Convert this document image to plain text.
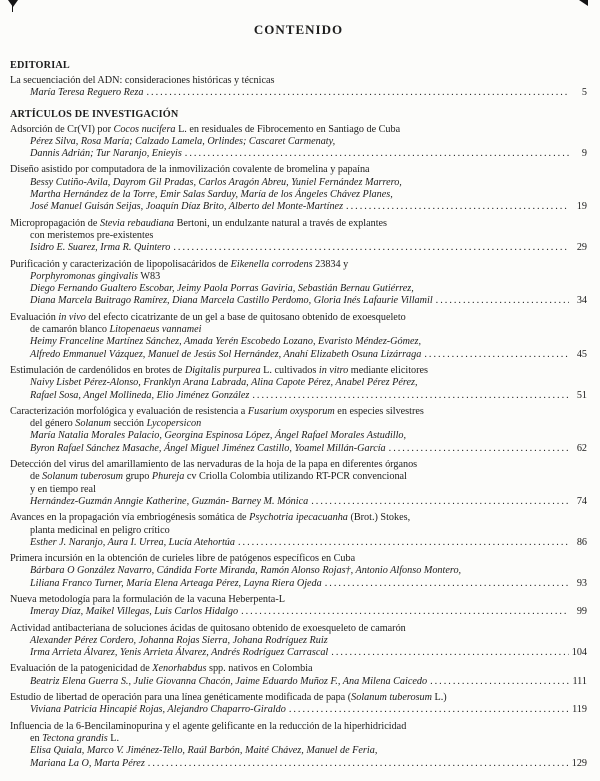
CONTENIDO
EDITORIAL
La secuenciación del ADN: consideraciones históricas y técnicas
María Teresa Reguero Reza .....	5
ARTÍCULOS DE INVESTIGACIÓN
Adsorción de Cr(VI) por Cocos nucifera L. en residuales de Fibrocemento en Santiago de Cuba
Pérez Silva, Rosa María; Calzado Lamela, Orlindes; Cascaret Carmenaty,
Dannis Adrián; Tur Naranjo, Enieyis .....	9
Diseño asistido por computadora de la inmovilización covalente de bromelina y papaína
Bessy Cutiño-Avila, Dayrom Gil Pradas, Carlos Aragón Abreu, Yuniel Fernández Marrero,
Martha Hernández de la Torre, Emir Salas Sarduy, María de los Ángeles Chávez Planes,
José Manuel Guisán Seijas, Joaquín Díaz Brito, Alberto del Monte-Martínez .....	19
Micropropagación de Stevia rebaudiana Bertoni, un endulzante natural a través de explantes
con meristemos pre-existentes
Isidro E. Suarez, Irma R. Quintero .....	29
Purificación y caracterización de lipopolisacáridos de Eikenella corrodens 23834 y
Porphyromonas gingivalis W83
Diego Fernando Gualtero Escobar, Jeimy Paola Porras Gaviria, Sebastián Bernau Gutiérrez,
Diana Marcela Buitrago Ramírez, Diana Marcela Castillo Perdomo, Gloria Inés Lafaurie Villamil .....	34
Evaluación in vivo del efecto cicatrizante de un gel a base de quitosano obtenido de exoesqueleto
de camarón blanco Litopenaeus vannamei
Heimy Franceline Martínez Sánchez, Amada Yerén Escobedo Lozano, Evaristo Méndez-Gómez,
Alfredo Emmanuel Vázquez, Manuel de Jesús Sol Hernández, Anahí Elizabeth Osuna Lizárraga .....	45
Estimulación de cardenólidos en brotes de Digitalis purpurea L. cultivados in vitro mediante elicitores
Naivy Lisbet Pérez-Alonso, Franklyn Arana Labrada, Alina Capote Pérez, Anabel Pérez Pérez,
Rafael Sosa, Angel Mollineda, Elio Jiménez González .....	51
Caracterización morfológica y evaluación de resistencia a Fusarium oxysporum en especies silvestres
del género Solanum sección Lycopersicon
María Natalia Morales Palacio, Georgina Espinosa López, Ángel Rafael Morales Astudillo,
Byron Rafael Sánchez Masache, Ángel Miguel Jiménez Castillo, Yoamel Millán-García .....	62
Detección del virus del amarillamiento de las nervaduras de la hoja de la papa en diferentes órganos
de Solanum tuberosum grupo Phureja cv Criolla Colombia utilizando RT-PCR convencional
y en tiempo real
Hernández-Guzmán Anngie Katherine, Guzmán- Barney M. Mónica .....	74
Avances en la propagación vía embriogénesis somática de Psychotria ipecacuanha (Brot.) Stokes,
planta medicinal en peligro crítico
Esther J. Naranjo, Aura I. Urrea, Lucía Atehortúa .....	86
Primera incursión en la obtención de curieles libre de patógenos específicos en Cuba
Bárbara O González Navarro, Cándida Forte Miranda, Ramón Alonso Rojas†, Antonio Alfonso Montero,
Liliana Franco Turner, María Elena Arteaga Pérez, Layna Riera Ojeda .....	93
Nueva metodología para la formulación de la vacuna Heberpenta-L
Imeray Díaz, Maikel Villegas, Luis Carlos Hidalgo .....	99
Actividad antibacteriana de soluciones ácidas de quitosano obtenido de exoesqueleto de camarón
Alexander Pérez Cordero, Johanna Rojas Sierra, Johana Rodríguez Ruiz
Irma Arrieta Álvarez, Yenis Arrieta Álvarez, Andrés Rodríguez Carrascal .....	104
Evaluación de la patogenicidad de Xenorhabdus spp. nativos en Colombia
Beatriz Elena Guerra S., Julie Giovanna Chacón, Jaime Eduardo Muñoz F., Ana Milena Caicedo .....	111
Estudio de libertad de operación para una línea genéticamente modificada de papa (Solanum tuberosum L.)
Viviana Patricia Hincapié Rojas, Alejandro Chaparro-Giraldo .....	119
Influencia de la 6-Bencilaminopurina y el agente gelificante en la reducción de la hiperhidricidad
en Tectona grandis L.
Elisa Quiala, Marco V. Jiménez-Tello, Raúl Barbón, Maité Chávez, Manuel de Feria,
Mariana La O, Marta Pérez .....	129
